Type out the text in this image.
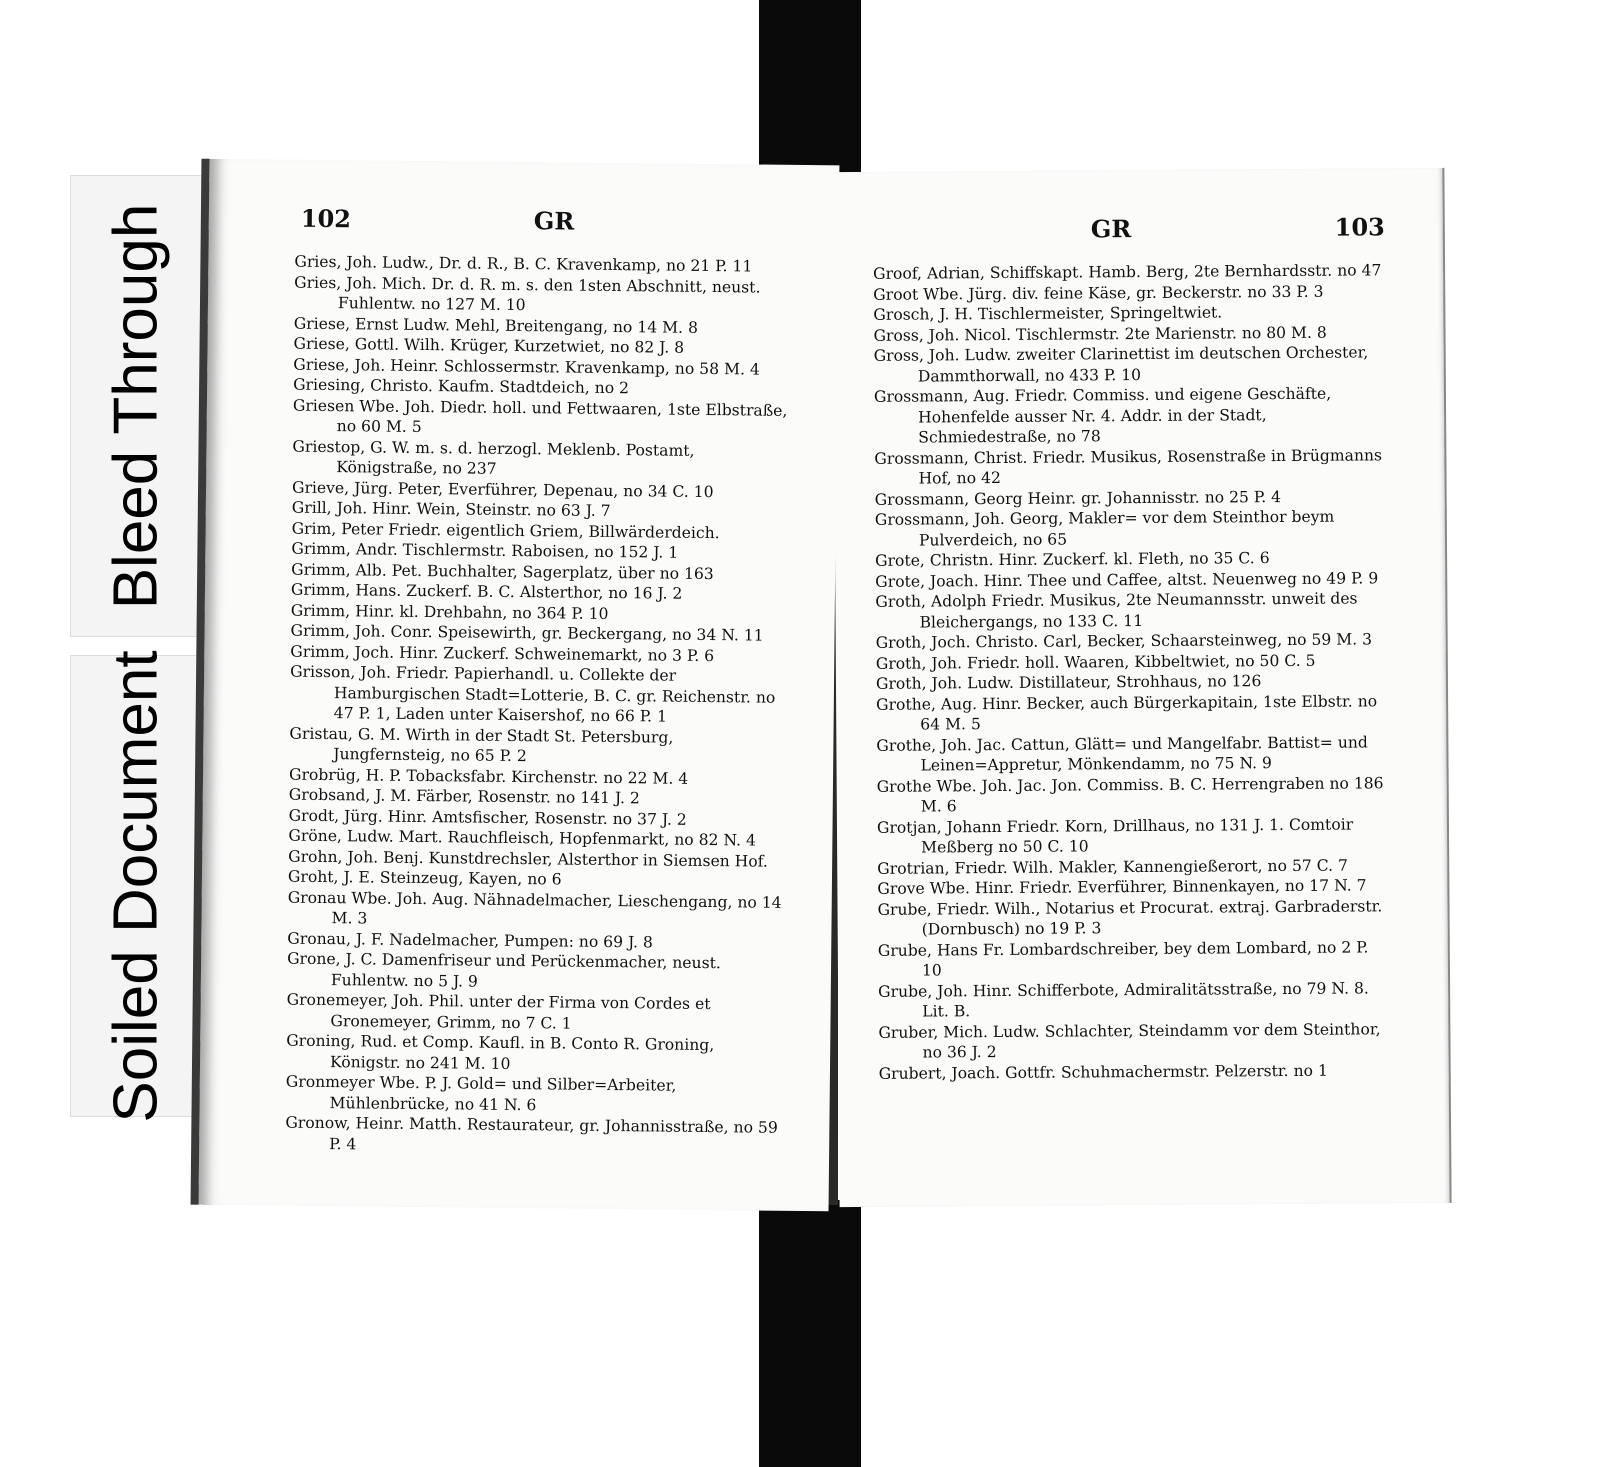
Bleed Through
Soiled Document
102	GR

Gries, Joh. Ludw., Dr. d. R., B. C. Kravenkamp, no 21 P. 11

Gries, Joh. Mich. Dr. d. R. m. s. den 1sten Abschnitt, neust. Fuhlentw. no 127 M. 10

Griese, Ernst Ludw. Mehl, Breitengang, no 14 M. 8

Griese, Gottl. Wilh. Krüger, Kurzetwiet, no 82 J. 8

Griese, Joh. Heinr. Schlossermstr. Kravenkamp, no 58 M. 4

Griesing, Christo. Kaufm. Stadtdeich, no 2

Griesen Wbe. Joh. Diedr. holl. und Fettwaaren, 1ste Elbstraße, no 60 M. 5

Griestop, G. W. m. s. d. herzogl. Meklenb. Postamt, Königstraße, no 237

Grieve, Jürg. Peter, Everführer, Depenau, no 34 C. 10

Grill, Joh. Hinr. Wein, Steinstr. no 63 J. 7

Grim, Peter Friedr. eigentlich Griem, Billwärderdeich.

Grimm, Andr. Tischlermstr. Raboisen, no 152 J. 1

Grimm, Alb. Pet. Buchhalter, Sagerplatz, über no 163

Grimm, Hans. Zuckerf. B. C. Alsterthor, no 16 J. 2

Grimm, Hinr. kl. Drehbahn, no 364 P. 10

Grimm, Joh. Conr. Speisewirth, gr. Beckergang, no 34 N. 11

Grimm, Joch. Hinr. Zuckerf. Schweinemarkt, no 3 P. 6

Grisson, Joh. Friedr. Papierhandl. u. Collekte der Hamburgischen Stadt=Lotterie, B. C. gr. Reichenstr. no 47 P. 1, Laden unter Kaisershof, no 66 P. 1

Gristau, G. M. Wirth in der Stadt St. Petersburg, Jungfernsteig, no 65 P. 2

Grobrüg, H. P. Tobacksfabr. Kirchenstr. no 22 M. 4

Grobsand, J. M. Färber, Rosenstr. no 141 J. 2

Grodt, Jürg. Hinr. Amtsfischer, Rosenstr. no 37 J. 2

Gröne, Ludw. Mart. Rauchfleisch, Hopfenmarkt, no 82 N. 4

Grohn, Joh. Benj. Kunstdrechsler, Alsterthor in Siemsen Hof.

Groht, J. E. Steinzeug, Kayen, no 6

Gronau Wbe. Joh. Aug. Nähnadelmacher, Lieschengang, no 14 M. 3

Gronau, J. F. Nadelmacher, Pumpen: no 69 J. 8

Grone, J. C. Damenfriseur und Perückenmacher, neust. Fuhlentw. no 5 J. 9

Gronemeyer, Joh. Phil. unter der Firma von Cordes et Gronemeyer, Grimm, no 7 C. 1

Groning, Rud. et Comp. Kaufl. in B. Conto R. Groning, Königstr. no 241 M. 10

Gronmeyer Wbe. P. J. Gold= und Silber=Arbeiter, Mühlenbrücke, no 41 N. 6

Gronow, Heinr. Matth. Restaurateur, gr. Johannisstraße, no 59 P. 4

GR	103

Groof, Adrian, Schiffskapt. Hamb. Berg, 2te Bernhardsstr. no 47

Groot Wbe. Jürg. div. feine Käse, gr. Beckerstr. no 33 P. 3

Grosch, J. H. Tischlermeister, Springeltwiet.

Gross, Joh. Nicol. Tischlermstr. 2te Marienstr. no 80 M. 8

Gross, Joh. Ludw. zweiter Clarinettist im deutschen Orchester, Dammthorwall, no 433 P. 10

Grossmann, Aug. Friedr. Commiss. und eigene Geschäfte, Hohenfelde ausser Nr. 4. Addr. in der Stadt, Schmiedestraße, no 78

Grossmann, Christ. Friedr. Musikus, Rosenstraße in Brügmanns Hof, no 42

Grossmann, Georg Heinr. gr. Johannisstr. no 25 P. 4

Grossmann, Joh. Georg, Makler= vor dem Steinthor beym Pulverdeich, no 65

Grote, Christn. Hinr. Zuckerf. kl. Fleth, no 35 C. 6

Grote, Joach. Hinr. Thee und Caffee, altst. Neuenweg no 49 P. 9

Groth, Adolph Friedr. Musikus, 2te Neumannsstr. unweit des Bleichergangs, no 133 C. 11

Groth, Joch. Christo. Carl, Becker, Schaarsteinweg, no 59 M. 3

Groth, Joh. Friedr. holl. Waaren, Kibbeltwiet, no 50 C. 5

Groth, Joh. Ludw. Distillateur, Strohhaus, no 126

Grothe, Aug. Hinr. Becker, auch Bürgerkapitain, 1ste Elbstr. no 64 M. 5

Grothe, Joh. Jac. Cattun, Glätt= und Mangelfabr. Battist= und Leinen=Appretur, Mönkendamm, no 75 N. 9

Grothe Wbe. Joh. Jac. Jon. Commiss. B. C. Herrengraben no 186 M. 6

Grotjan, Johann Friedr. Korn, Drillhaus, no 131 J. 1. Comtoir Meßberg no 50 C. 10

Grotrian, Friedr. Wilh. Makler, Kannengießerort, no 57 C. 7

Grove Wbe. Hinr. Friedr. Everführer, Binnenkayen, no 17 N. 7

Grube, Friedr. Wilh., Notarius et Procurat. extraj. Garbraderstr. (Dornbusch) no 19 P. 3

Grube, Hans Fr. Lombardschreiber, bey dem Lombard, no 2 P. 10

Grube, Joh. Hinr. Schifferbote, Admiralitätsstraße, no 79 N. 8. Lit. B.

Gruber, Mich. Ludw. Schlachter, Steindamm vor dem Steinthor, no 36 J. 2

Grubert, Joach. Gottfr. Schuhmachermstr. Pelzerstr. no 1
